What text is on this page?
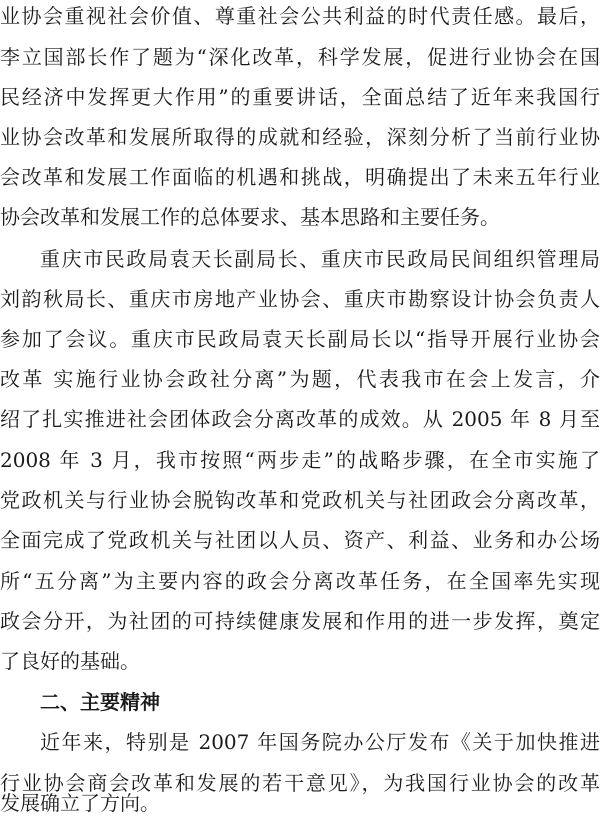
业协会重视社会价值、尊重社会公共利益的时代责任感。最后，
李立国部长作了题为“深化改革，科学发展，促进行业协会在国
民经济中发挥更大作用”的重要讲话，全面总结了近年来我国行
业协会改革和发展所取得的成就和经验，深刻分析了当前行业协
会改革和发展工作面临的机遇和挑战，明确提出了未来五年行业
协会改革和发展工作的总体要求、基本思路和主要任务。
重庆市民政局袁天长副局长、重庆市民政局民间组织管理局
刘韵秋局长、重庆市房地产业协会、重庆市勘察设计协会负责人
参加了会议。重庆市民政局袁天长副局长以“指导开展行业协会
改革 实施行业协会政社分离”为题，代表我市在会上发言，介
绍了扎实推进社会团体政会分离改革的成效。从 2005 年 8 月至
2008 年 3 月，我市按照“两步走”的战略步骤，在全市实施了
党政机关与行业协会脱钩改革和党政机关与社团政会分离改革，
全面完成了党政机关与社团以人员、资产、利益、业务和办公场
所“五分离”为主要内容的政会分离改革任务，在全国率先实现
政会分开，为社团的可持续健康发展和作用的进一步发挥，奠定
了良好的基础。
二、主要精神
近年来，特别是 2007 年国务院办公厅发布《关于加快推进
行业协会商会改革和发展的若干意见》，为我国行业协会的改革
发展确立了方向。
